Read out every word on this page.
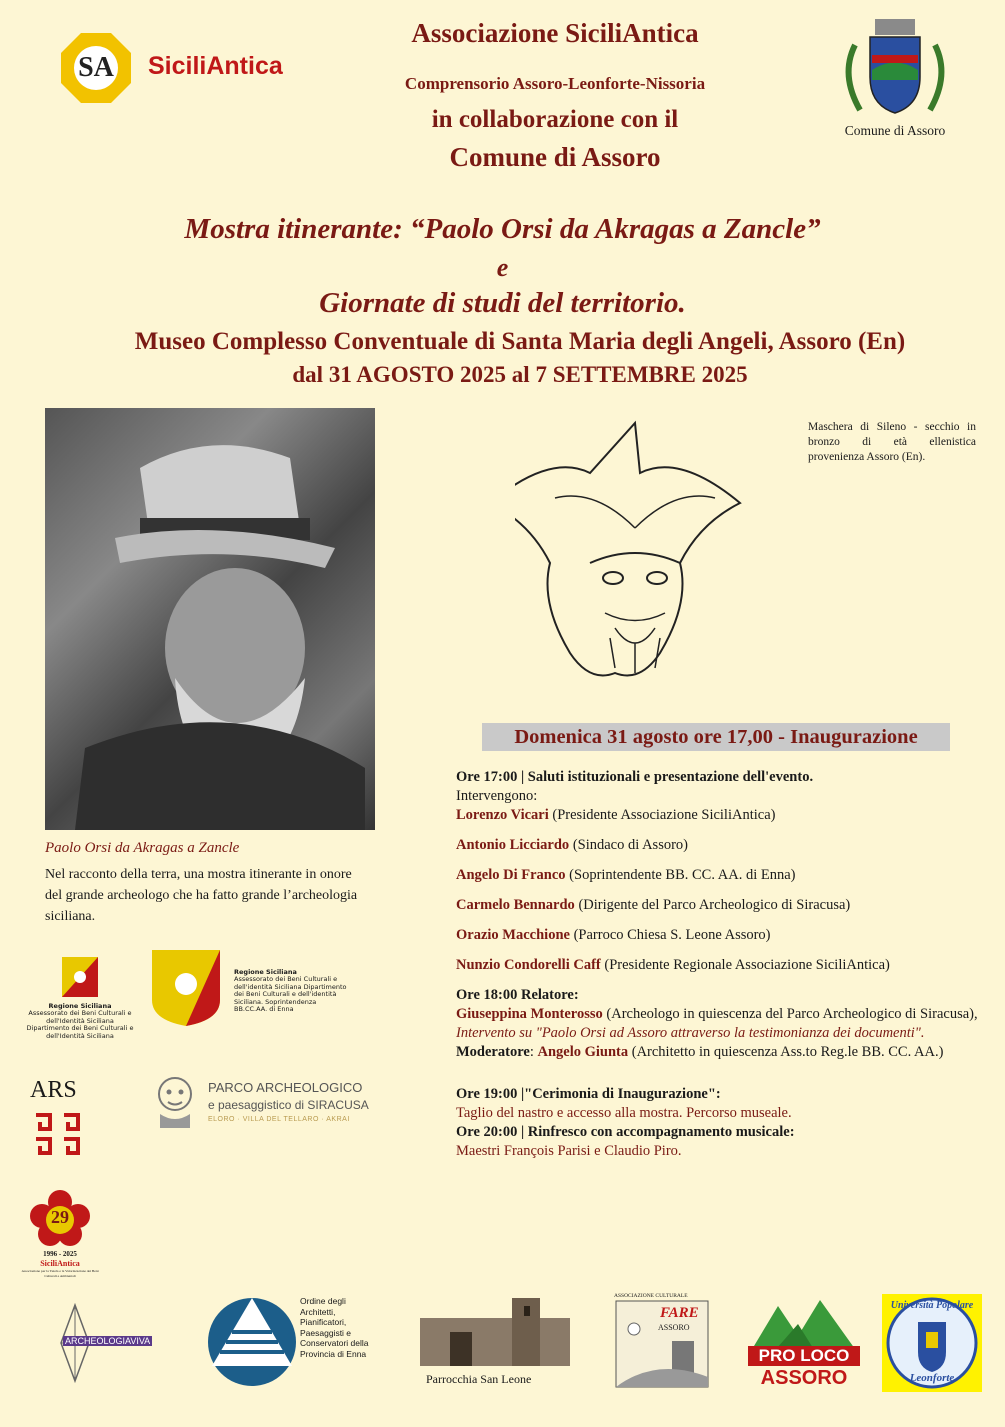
SA SiciliAntica
Associazione SiciliAntica
Comprensorio Assoro-Leonforte-Nissoria
in collaborazione con il
Comune di Assoro
Comune di Assoro
Mostra itinerante: “Paolo Orsi da Akragas a Zancle”
e
Giornate di studi del territorio.
Museo Complesso Conventuale di Santa Maria degli Angeli, Assoro (En)
dal 31 AGOSTO 2025 al 7 SETTEMBRE 2025
Paolo Orsi da Akragas a Zancle
Nel racconto della terra, una mostra itinerante in onore del grande archeologo che ha fatto grande l’archeologia siciliana.
Maschera di Sileno - secchio in bronzo di età ellenistica provenienza Assoro (En).
Domenica 31 agosto ore 17,00 - Inaugurazione

Ore 17:00 | Saluti istituzionali e presentazione dell'evento.

Intervengono:

Lorenzo Vicari (Presidente Associazione SiciliAntica)

Antonio Licciardo (Sindaco di Assoro)

Angelo Di Franco (Soprintendente BB. CC. AA. di Enna)

Carmelo Bennardo (Dirigente del Parco Archeologico di Siracusa)

Orazio Macchione (Parroco Chiesa S. Leone Assoro)

Nunzio Condorelli Caff (Presidente Regionale Associazione SiciliAntica)

Ore 18:00 Relatore:

Giuseppina Monterosso (Archeologo in quiescenza del Parco Archeologico di Siracusa), Intervento su "Paolo Orsi ad Assoro attraverso la testimonianza dei documenti".

Moderatore: Angelo Giunta (Architetto in quiescenza Ass.to Reg.le BB. CC. AA.)

Ore 19:00 |"Cerimonia di Inaugurazione":

Taglio del nastro e accesso alla mostra. Percorso museale.

Ore 20:00 | Rinfresco con accompagnamento musicale:

Maestri François Parisi e Claudio Piro.

Regione Siciliana
Assessorato dei Beni Culturali e dell'Identità Siciliana Dipartimento dei Beni Culturali e dell'Identità Siciliana
Regione Siciliana
Assessorato dei Beni Culturali e dell'identità Siciliana Dipartimento dei Beni Culturali e dell'identità Siciliana. Soprintendenza BB.CC.AA. di Enna
ARS	PARCO ARCHEOLOGICO
e paesaggistico di SIRACUSA
ELORO · VILLA DEL TELLARO · AKRAI
29
1996 - 2025
SiciliAntica
Associazione per la Tutela e la Valorizzazione dei Beni Culturali e Ambientali
ARCHEOLOGIAVIVA
Ordine degli Architetti, Pianificatori, Paesaggisti e Conservatori della Provincia di Enna
Parrocchia San Leone
ASSOCIAZIONE CULTURALE
FARE
ASSORO
PRO LOCO
ASSORO
Università Popolare
Leonforte
